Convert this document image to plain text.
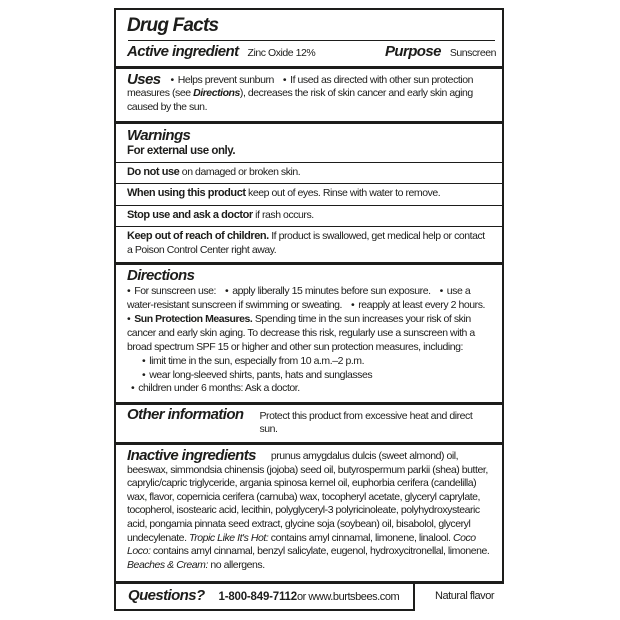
Drug Facts
Active ingredient Zinc Oxide 12%	Purpose Sunscreen
Uses • Helps prevent sunburn • If used as directed with other sun protection measures (see Directions), decreases the risk of skin cancer and early skin aging caused by the sun.
Warnings
For external use only.
Do not use on damaged or broken skin.
When using this product keep out of eyes. Rinse with water to remove.
Stop use and ask a doctor if rash occurs.
Keep out of reach of children. If product is swallowed, get medical help or contact a Poison Control Center right away.
Directions
• For sunscreen use: • apply liberally 15 minutes before sun exposure. • use a water-resistant sunscreen if swimming or sweating. • reapply at least every 2 hours.
• Sun Protection Measures. Spending time in the sun increases your risk of skin cancer and early skin aging. To decrease this risk, regularly use a sunscreen with a broad spectrum SPF 15 or higher and other sun protection measures, including:
• limit time in the sun, especially from 10 a.m.–2 p.m.
• wear long-sleeved shirts, pants, hats and sunglasses
• children under 6 months: Ask a doctor.
Other information Protect this product from excessive heat and direct sun.
Inactive ingredients prunus amygdalus dulcis (sweet almond) oil, beeswax, simmondsia chinensis (jojoba) seed oil, butyrospermum parkii (shea) butter, caprylic/capric triglyceride, argania spinosa kernel oil, euphorbia cerifera (candelilla) wax, flavor, copernicia cerifera (carnuba) wax, tocopheryl acetate, glyceryl caprylate, tocopherol, isostearic acid, lecithin, polyglyceryl-3 polyricinoleate, polyhydroxystearic acid, pongamia pinnata seed extract, glycine soja (soybean) oil, bisabolol, glyceryl undecylenate. Tropic Like It's Hot: contains amyl cinnamal, limonene, linalool. Coco Loco: contains amyl cinnamal, benzyl salicylate, eugenol, hydroxycitronellal, limonene. Beaches & Cream: no allergens.
Questions? 1-800-849-7112 or www.burtsbees.com	Natural flavor
